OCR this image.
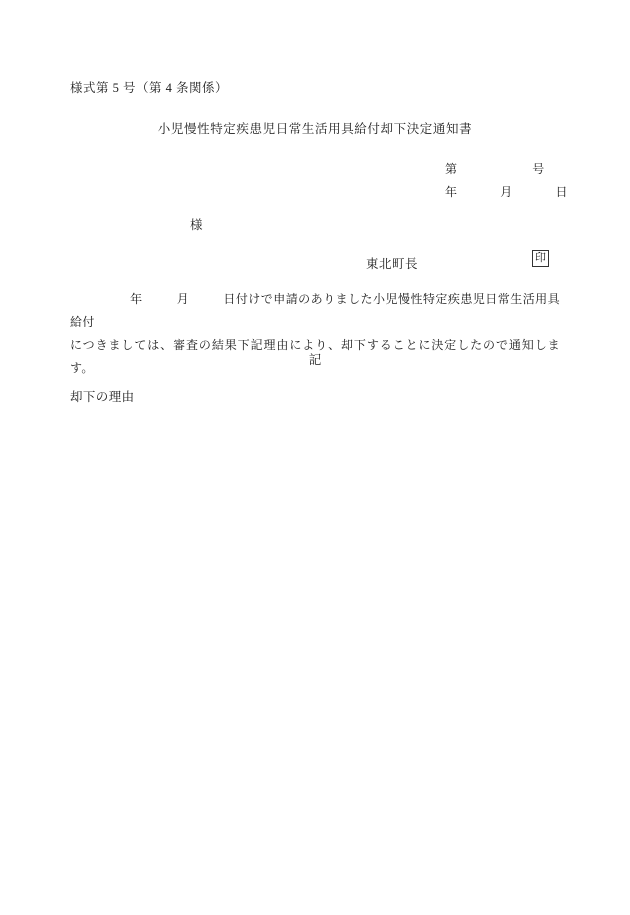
様式第 5 号（第 4 条関係）
小児慢性特定疾患児日常生活用具給付却下決定通知書
第	号
年	月	日
様
東北町長	印
年	月	日付けで申請のありました小児慢性特定疾患児日常生活用具給付
につきましては、審査の結果下記理由により、却下することに決定したので通知します。
記
却下の理由
